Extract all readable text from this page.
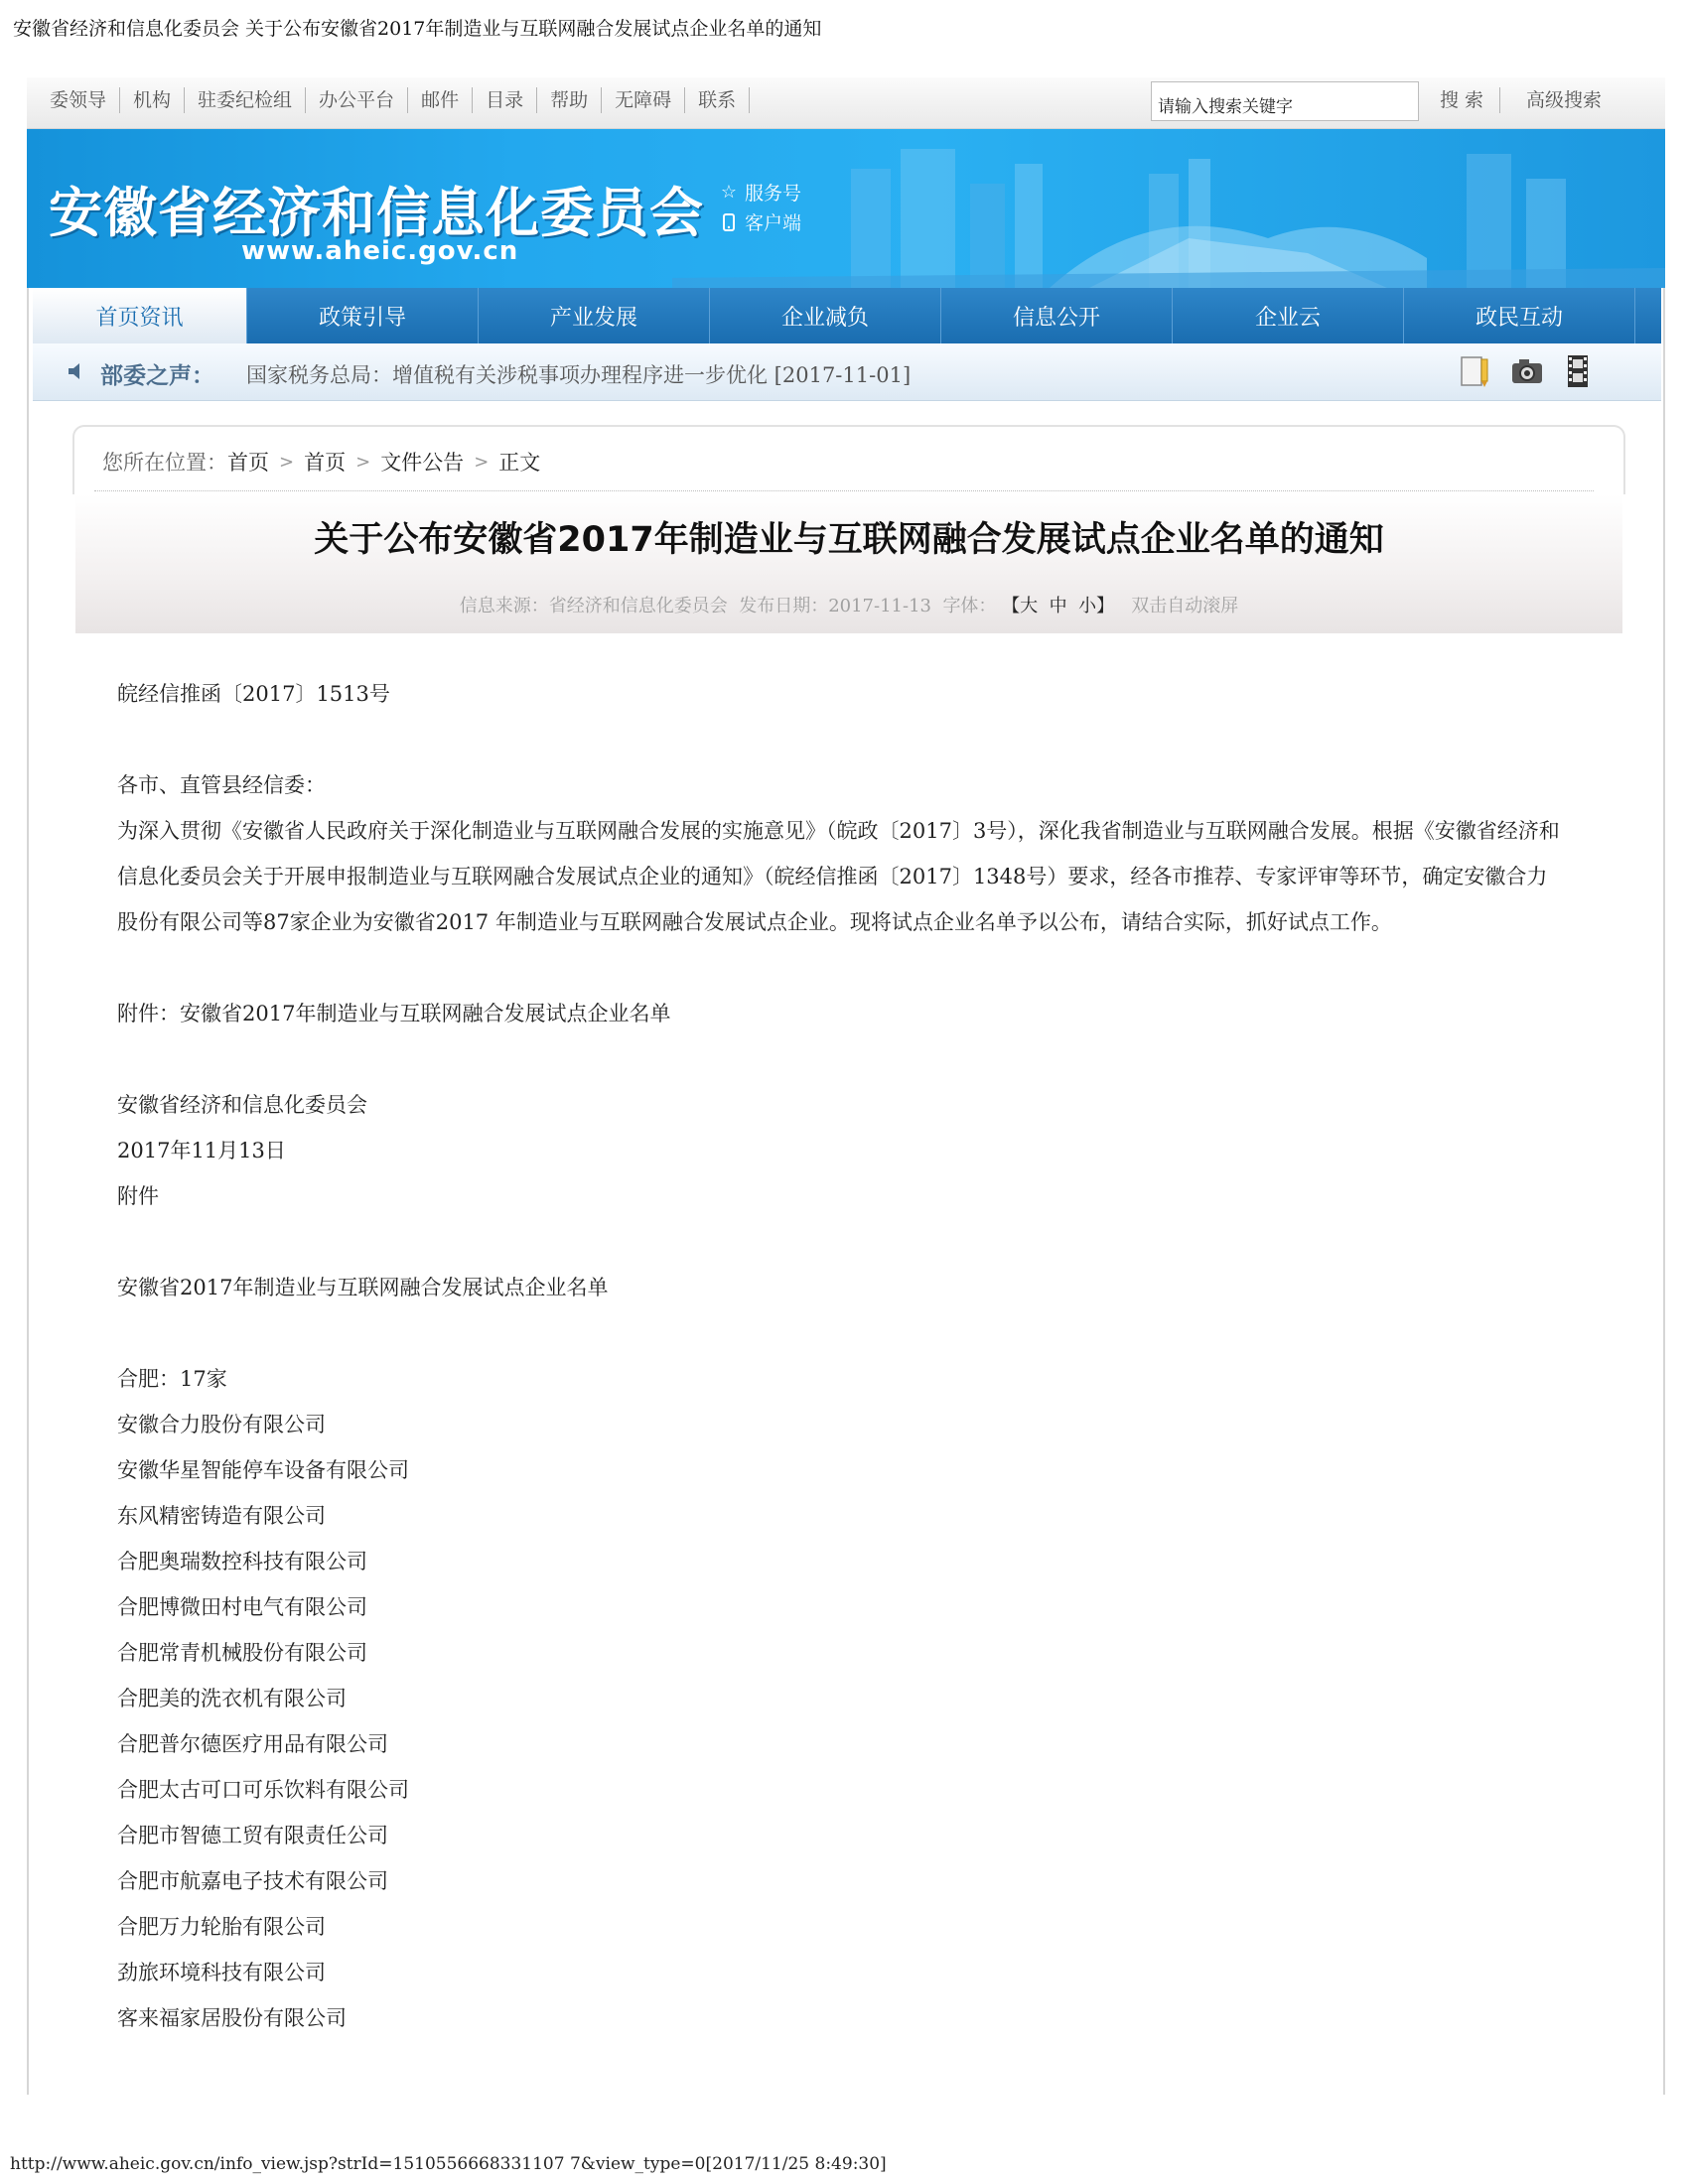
安徽省经济和信息化委员会 关于公布安徽省2017年制造业与互联网融合发展试点企业名单的通知
委领导	机构	驻委纪检组	办公平台	邮件	目录	帮助	无障碍	联系	请输入搜索关键字	搜索	高级搜索
安徽省经济和信息化委员会
www.aheic.gov.cn
☆ 服务号
客户端
首页资讯	政策引导	产业发展	企业减负	信息公开	企业云	政民互动
部委之声： 国家税务总局：增值税有关涉税事项办理程序进一步优化 [2017-11-01]
您所在位置： 首页 > 首页 > 文件公告 > 正文
关于公布安徽省2017年制造业与互联网融合发展试点企业名单的通知
信息来源：省经济和信息化委员会 发布日期：2017-11-13 字体： 【大 中 小】 双击自动滚屏
皖经信推函〔2017〕1513号
各市、直管县经信委：
为深入贯彻《安徽省人民政府关于深化制造业与互联网融合发展的实施意见》（皖政〔2017〕3号），深化我省制造业与互联网融合发展。根据《安徽省经济和信息化委员会关于开展申报制造业与互联网融合发展试点企业的通知》（皖经信推函〔2017〕1348号）要求，经各市推荐、专家评审等环节，确定安徽合力股份有限公司等87家企业为安徽省2017 年制造业与互联网融合发展试点企业。现将试点企业名单予以公布，请结合实际，抓好试点工作。
附件：安徽省2017年制造业与互联网融合发展试点企业名单
安徽省经济和信息化委员会
2017年11月13日
附件
安徽省2017年制造业与互联网融合发展试点企业名单
合肥：17家
安徽合力股份有限公司
安徽华星智能停车设备有限公司
东风精密铸造有限公司
合肥奥瑞数控科技有限公司
合肥博微田村电气有限公司
合肥常青机械股份有限公司
合肥美的洗衣机有限公司
合肥普尔德医疗用品有限公司
合肥太古可口可乐饮料有限公司
合肥市智德工贸有限责任公司
合肥市航嘉电子技术有限公司
合肥万力轮胎有限公司
劲旅环境科技有限公司
客来福家居股份有限公司
http://www.aheic.gov.cn/info_view.jsp?strId=1510556668331107 7&view_type=0[2017/11/25 8:49:30]
